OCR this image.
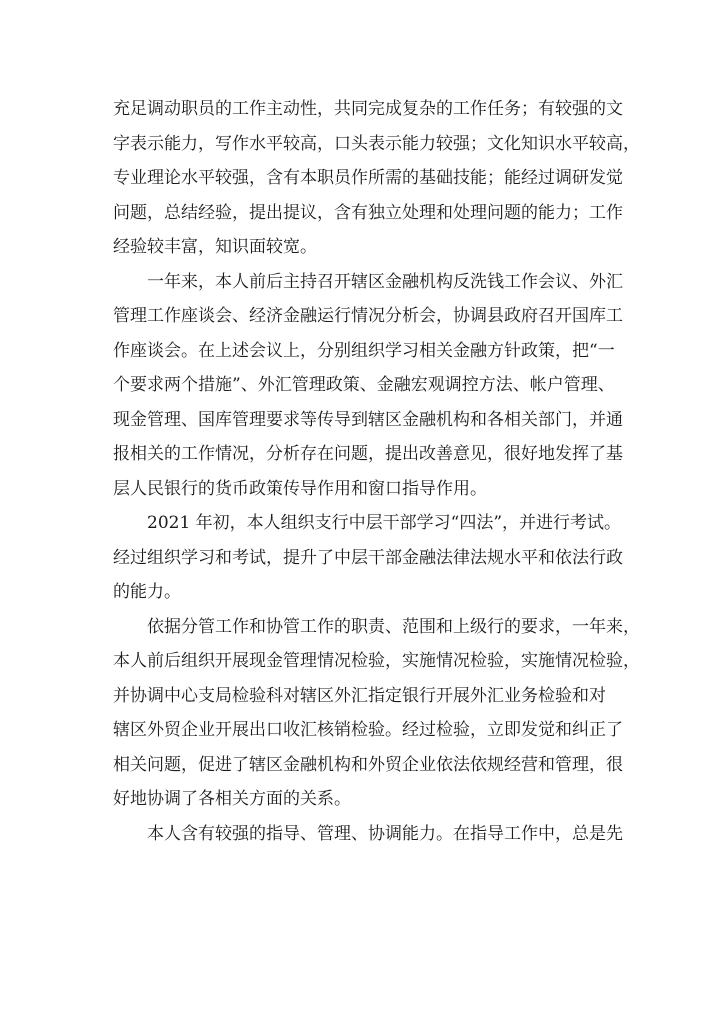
充足调动职员的工作主动性，共同完成复杂的工作任务；有较强的文
字表示能力，写作水平较高，口头表示能力较强；文化知识水平较高，
专业理论水平较强，含有本职员作所需的基础技能；能经过调研发觉
问题，总结经验，提出提议，含有独立处理和处理问题的能力；工作
经验较丰富，知识面较宽。
一年来，本人前后主持召开辖区金融机构反洗钱工作会议、外汇
管理工作座谈会、经济金融运行情况分析会，协调县政府召开国库工
作座谈会。在上述会议上，分别组织学习相关金融方针政策，把“一
个要求两个措施”、外汇管理政策、金融宏观调控方法、帐户管理、
现金管理、国库管理要求等传导到辖区金融机构和各相关部门，并通
报相关的工作情况，分析存在问题，提出改善意见，很好地发挥了基
层人民银行的货币政策传导作用和窗口指导作用。
2021 年初，本人组织支行中层干部学习“四法”，并进行考试。
经过组织学习和考试，提升了中层干部金融法律法规水平和依法行政
的能力。
依据分管工作和协管工作的职责、范围和上级行的要求，一年来，
本人前后组织开展现金管理情况检验，实施情况检验，实施情况检验，
并协调中心支局检验科对辖区外汇指定银行开展外汇业务检验和对
辖区外贸企业开展出口收汇核销检验。经过检验，立即发觉和纠正了
相关问题，促进了辖区金融机构和外贸企业依法依规经营和管理，很
好地协调了各相关方面的关系。
本人含有较强的指导、管理、协调能力。在指导工作中，总是先
